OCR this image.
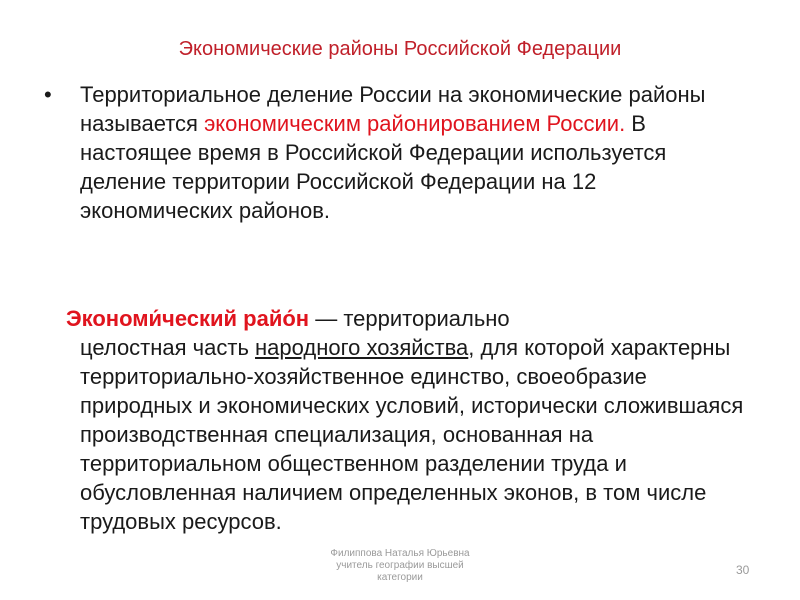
Экономические районы Российской Федерации
• Территориальное деление России на экономические районы называется экономическим районированием России. В настоящее время в Российской Федерации используется деление территории Российской Федерации на 12 экономических районов.
Экономи́ческий райо́н — территориально
целостная часть народного хозяйства, для которой характерны территориально-хозяйственное единство, своеобразие природных и экономических условий, исторически сложившаяся производственная специализация, основанная на территориальном общественном разделении труда и обусловленная наличием определенных эконов, в том числе трудовых ресурсов.
Филиппова Наталья Юрьевна
учитель географии высшей
категории
30
